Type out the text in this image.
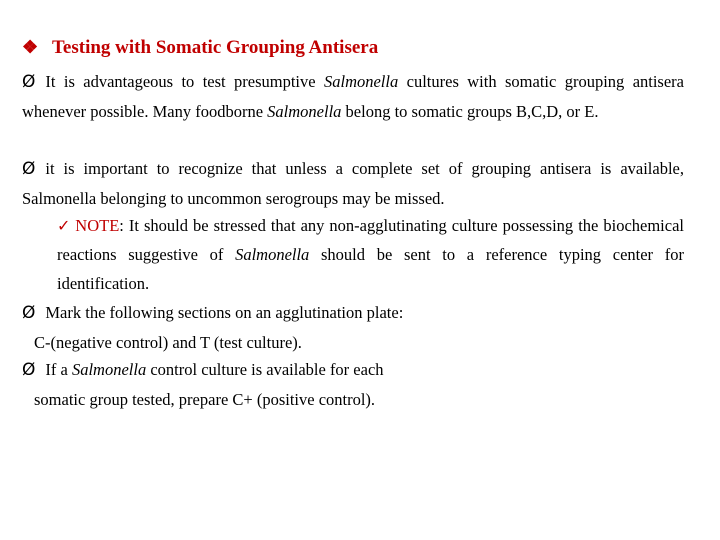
❖ Testing with Somatic Grouping Antisera
Ø It is advantageous to test presumptive Salmonella cultures with somatic grouping antisera whenever possible. Many foodborne Salmonella belong to somatic groups B,C,D, or E.
Ø it is important to recognize that unless a complete set of grouping antisera is available, Salmonella belonging to uncommon serogroups may be missed.
✓ NOTE: It should be stressed that any non-agglutinating culture possessing the biochemical reactions suggestive of Salmonella should be sent to a reference typing center for identification.
Ø Mark the following sections on an agglutination plate:
C-(negative control) and T (test culture).
Ø If a Salmonella control culture is available for each
somatic group tested, prepare C+ (positive control).
